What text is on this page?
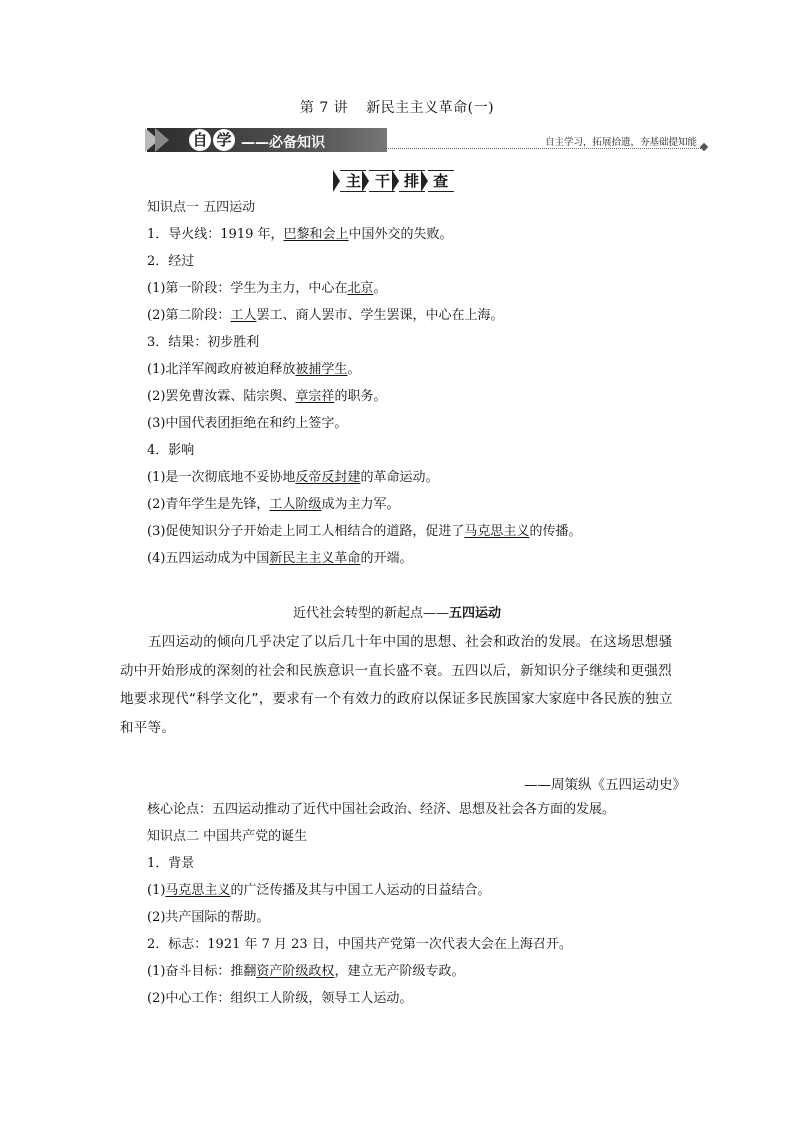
第 7 讲 新民主主义革命(一)
自 学 ——必备知识	自主学习，拓展拾遗，夯基础提知能
主 干 排 查
知识点一 五四运动
1．导火线：1919 年，巴黎和会上中国外交的失败。
2．经过
(1)第一阶段：学生为主力，中心在北京。
(2)第二阶段：工人罢工、商人罢市、学生罢课，中心在上海。
3．结果：初步胜利
(1)北洋军阀政府被迫释放被捕学生。
(2)罢免曹汝霖、陆宗舆、章宗祥的职务。
(3)中国代表团拒绝在和约上签字。
4．影响
(1)是一次彻底地不妥协地反帝反封建的革命运动。
(2)青年学生是先锋，工人阶级成为主力军。
(3)促使知识分子开始走上同工人相结合的道路，促进了马克思主义的传播。
(4)五四运动成为中国新民主主义革命的开端。
近代社会转型的新起点——五四运动

五四运动的倾向几乎决定了以后几十年中国的思想、社会和政治的发展。在这场思想骚动中开始形成的深刻的社会和民族意识一直长盛不衰。五四以后，新知识分子继续和更强烈地要求现代“科学文化”，要求有一个有效力的政府以保证多民族国家大家庭中各民族的独立和平等。

——周策纵《五四运动史》
核心论点：五四运动推动了近代中国社会政治、经济、思想及社会各方面的发展。
知识点二 中国共产党的诞生
1．背景
(1)马克思主义的广泛传播及其与中国工人运动的日益结合。
(2)共产国际的帮助。
2．标志：1921 年 7 月 23 日，中国共产党第一次代表大会在上海召开。
(1)奋斗目标：推翻资产阶级政权，建立无产阶级专政。
(2)中心工作：组织工人阶级，领导工人运动。
